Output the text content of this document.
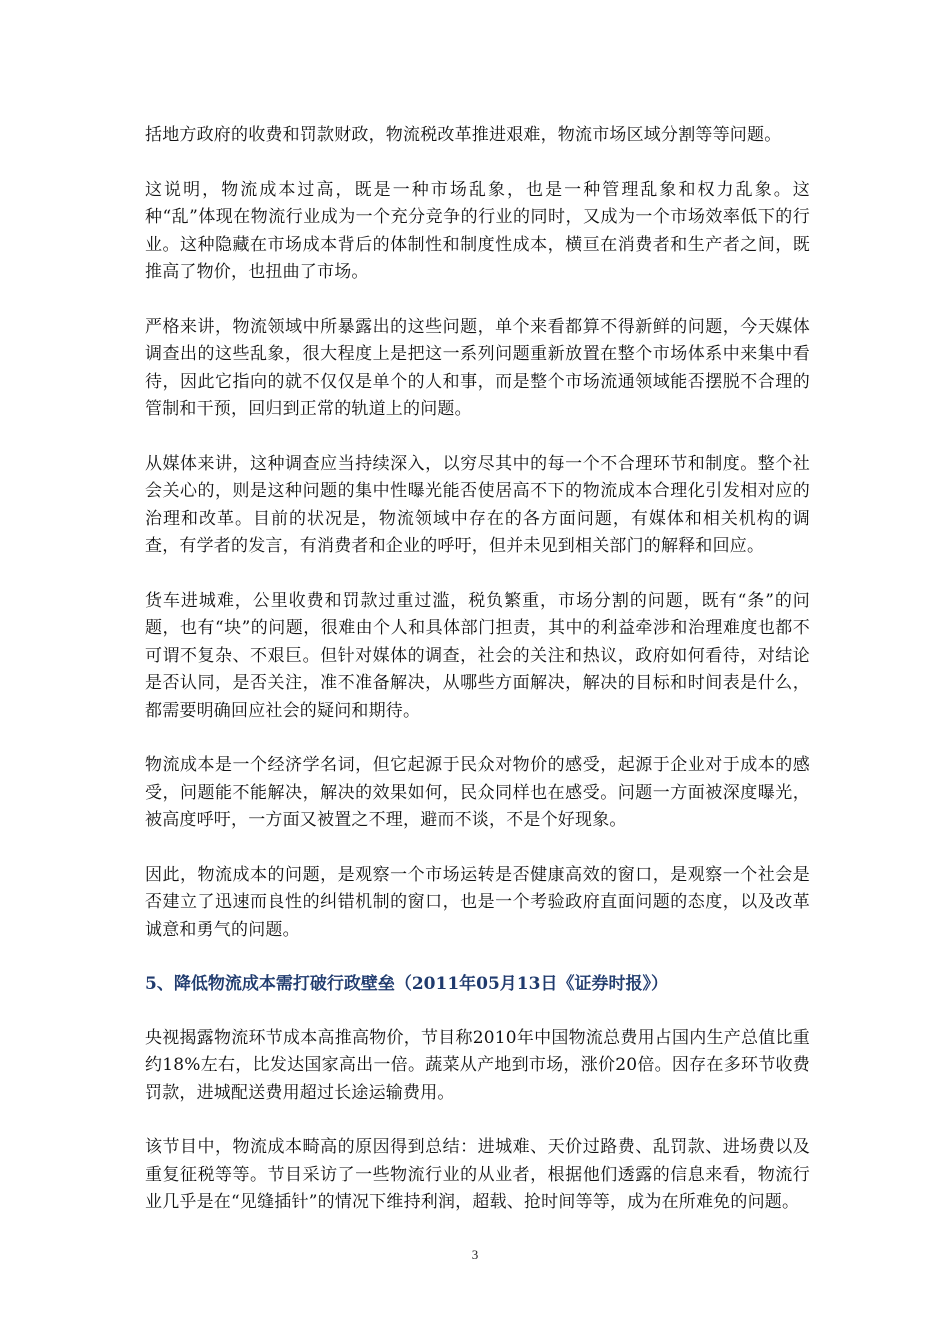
括地方政府的收费和罚款财政，物流税改革推进艰难，物流市场区域分割等等问题。

这说明，物流成本过高，既是一种市场乱象，也是一种管理乱象和权力乱象。这种“乱”体现在物流行业成为一个充分竞争的行业的同时，又成为一个市场效率低下的行业。这种隐藏在市场成本背后的体制性和制度性成本，横亘在消费者和生产者之间，既推高了物价，也扭曲了市场。

严格来讲，物流领域中所暴露出的这些问题，单个来看都算不得新鲜的问题，今天媒体调查出的这些乱象，很大程度上是把这一系列问题重新放置在整个市场体系中来集中看待，因此它指向的就不仅仅是单个的人和事，而是整个市场流通领域能否摆脱不合理的管制和干预，回归到正常的轨道上的问题。

从媒体来讲，这种调查应当持续深入，以穷尽其中的每一个不合理环节和制度。整个社会关心的，则是这种问题的集中性曝光能否使居高不下的物流成本合理化引发相对应的治理和改革。目前的状况是，物流领域中存在的各方面问题，有媒体和相关机构的调查，有学者的发言，有消费者和企业的呼吁，但并未见到相关部门的解释和回应。

货车进城难，公里收费和罚款过重过滥，税负繁重，市场分割的问题，既有“条”的问题，也有“块”的问题，很难由个人和具体部门担责，其中的利益牵涉和治理难度也都不可谓不复杂、不艰巨。但针对媒体的调查，社会的关注和热议，政府如何看待，对结论是否认同，是否关注，准不准备解决，从哪些方面解决，解决的目标和时间表是什么，都需要明确回应社会的疑问和期待。

物流成本是一个经济学名词，但它起源于民众对物价的感受，起源于企业对于成本的感受，问题能不能解决，解决的效果如何，民众同样也在感受。问题一方面被深度曝光，被高度呼吁，一方面又被置之不理，避而不谈，不是个好现象。

因此，物流成本的问题，是观察一个市场运转是否健康高效的窗口，是观察一个社会是否建立了迅速而良性的纠错机制的窗口，也是一个考验政府直面问题的态度，以及改革诚意和勇气的问题。

5、降低物流成本需打破行政壁垒（2011年05月13日《证券时报》）

央视揭露物流环节成本高推高物价，节目称2010年中国物流总费用占国内生产总值比重约18%左右，比发达国家高出一倍。蔬菜从产地到市场，涨价20倍。因存在多环节收费罚款，进城配送费用超过长途运输费用。

该节目中，物流成本畸高的原因得到总结：进城难、天价过路费、乱罚款、进场费以及重复征税等等。节目采访了一些物流行业的从业者，根据他们透露的信息来看，物流行业几乎是在“见缝插针”的情况下维持利润，超载、抢时间等等，成为在所难免的问题。

3
